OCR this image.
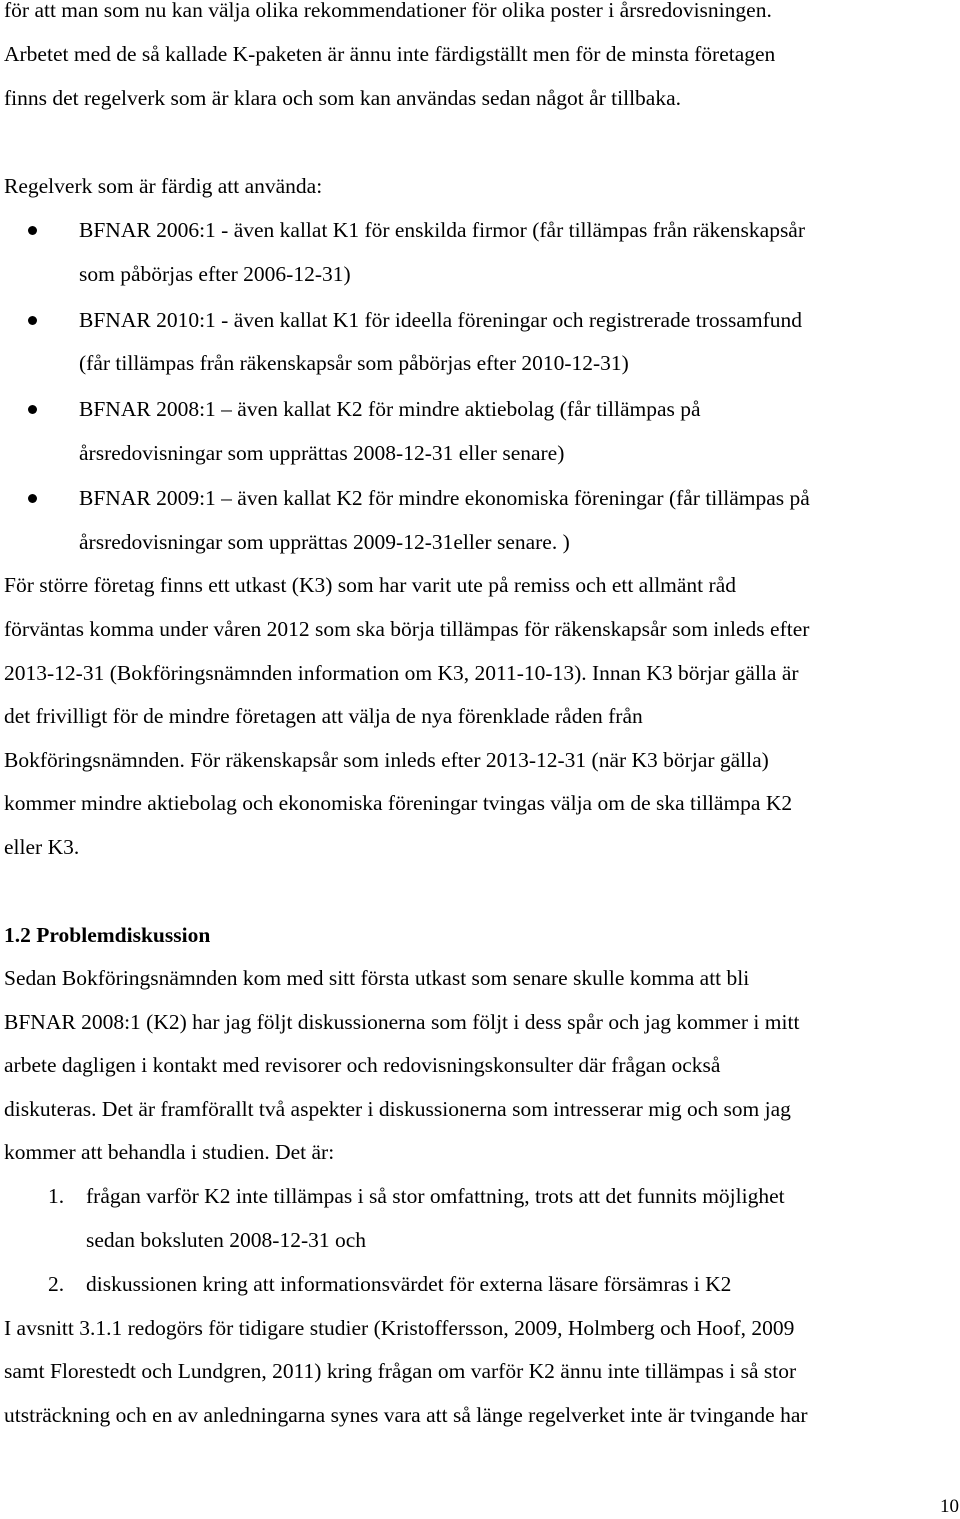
för att man som nu kan välja olika rekommendationer för olika poster i årsredovisningen.
Arbetet med de så kallade K-paketen är ännu inte färdigställt men för de minsta företagen
finns det regelverk som är klara och som kan användas sedan något år tillbaka.
Regelverk som är färdig att använda:
BFNAR 2006:1 - även kallat K1 för enskilda firmor (får tillämpas från räkenskapsår
som påbörjas efter 2006-12-31)
BFNAR 2010:1 - även kallat K1 för ideella föreningar och registrerade trossamfund
(får tillämpas från räkenskapsår som påbörjas efter 2010-12-31)
BFNAR 2008:1 – även kallat K2 för mindre aktiebolag (får tillämpas på
årsredovisningar som upprättas 2008-12-31 eller senare)
BFNAR 2009:1 – även kallat K2 för mindre ekonomiska föreningar (får tillämpas på
årsredovisningar som upprättas 2009-12-31eller senare. )
För större företag finns ett utkast (K3) som har varit ute på remiss och ett allmänt råd
förväntas komma under våren 2012 som ska börja tillämpas för räkenskapsår som inleds efter
2013-12-31 (Bokföringsnämnden information om K3, 2011-10-13). Innan K3 börjar gälla är
det frivilligt för de mindre företagen att välja de nya förenklade råden från
Bokföringsnämnden. För räkenskapsår som inleds efter 2013-12-31 (när K3 börjar gälla)
kommer mindre aktiebolag och ekonomiska föreningar tvingas välja om de ska tillämpa K2
eller K3.
1.2 Problemdiskussion
Sedan Bokföringsnämnden kom med sitt första utkast som senare skulle komma att bli
BFNAR 2008:1 (K2) har jag följt diskussionerna som följt i dess spår och jag kommer i mitt
arbete dagligen i kontakt med revisorer och redovisningskonsulter där frågan också
diskuteras. Det är framförallt två aspekter i diskussionerna som intresserar mig och som jag
kommer att behandla i studien. Det är:
1. frågan varför K2 inte tillämpas i så stor omfattning, trots att det funnits möjlighet
sedan boksluten 2008-12-31 och
2. diskussionen kring att informationsvärdet för externa läsare försämras i K2
I avsnitt 3.1.1 redogörs för tidigare studier (Kristoffersson, 2009, Holmberg och Hoof, 2009
samt Florestedt och Lundgren, 2011) kring frågan om varför K2 ännu inte tillämpas i så stor
utsträckning och en av anledningarna synes vara att så länge regelverket inte är tvingande har
10
